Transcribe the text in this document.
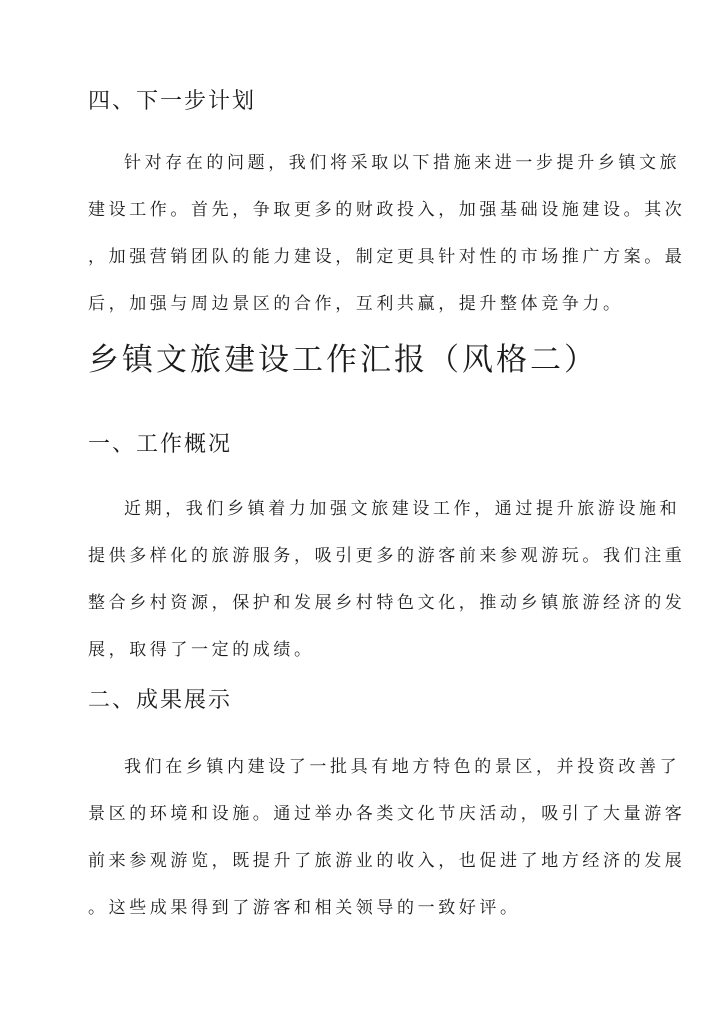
四、下一步计划
针对存在的问题，我们将采取以下措施来进一步提升乡镇文旅
建设工作。首先，争取更多的财政投入，加强基础设施建设。其次
，加强营销团队的能力建设，制定更具针对性的市场推广方案。最
后，加强与周边景区的合作，互利共赢，提升整体竞争力。
乡镇文旅建设工作汇报（风格二）
一、工作概况
近期，我们乡镇着力加强文旅建设工作，通过提升旅游设施和
提供多样化的旅游服务，吸引更多的游客前来参观游玩。我们注重
整合乡村资源，保护和发展乡村特色文化，推动乡镇旅游经济的发
展，取得了一定的成绩。
二、成果展示
我们在乡镇内建设了一批具有地方特色的景区，并投资改善了
景区的环境和设施。通过举办各类文化节庆活动，吸引了大量游客
前来参观游览，既提升了旅游业的收入，也促进了地方经济的发展
。这些成果得到了游客和相关领导的一致好评。
